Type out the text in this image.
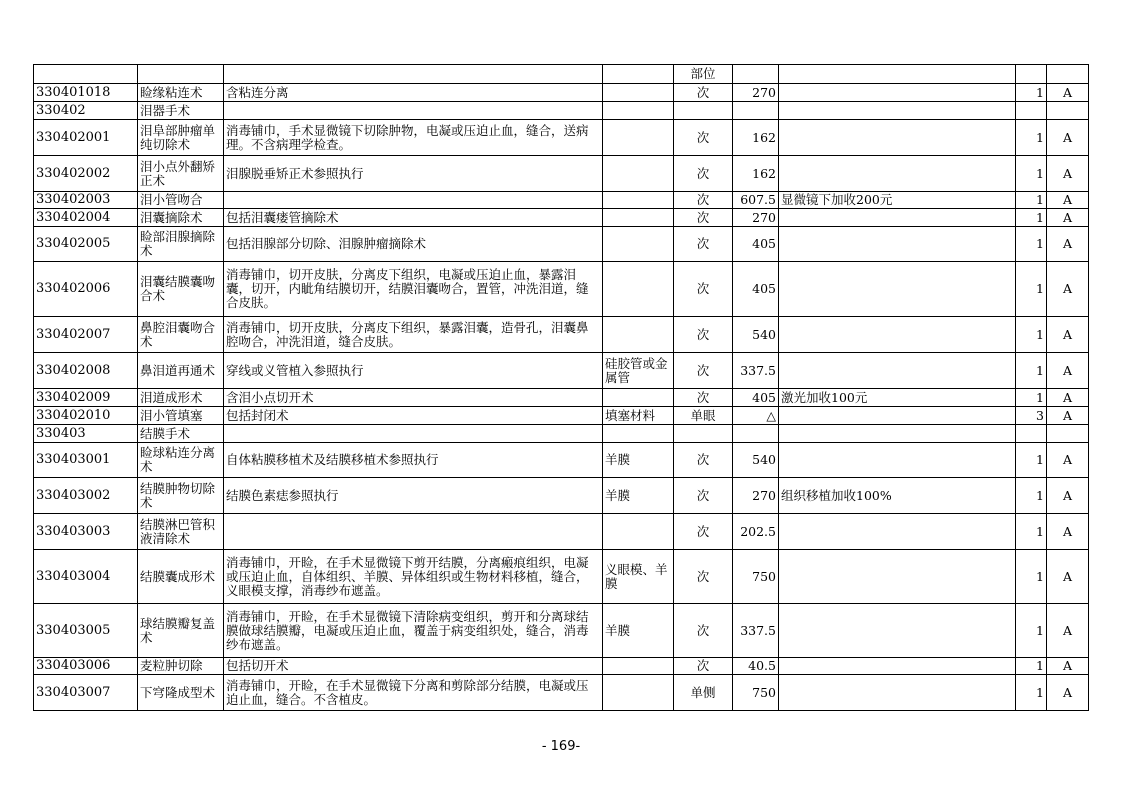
				部位				
330401018	睑缘粘连术	含粘连分离		次	270		1	A
330402	泪器手术							
330402001	泪阜部肿瘤单纯切除术	消毒铺巾，手术显微镜下切除肿物，电凝或压迫止血，缝合，送病理。不含病理学检查。		次	162		1	A
330402002	泪小点外翻矫正术	泪腺脱垂矫正术参照执行		次	162		1	A
330402003	泪小管吻合			次	607.5	显微镜下加收200元	1	A
330402004	泪囊摘除术	包括泪囊瘘管摘除术		次	270		1	A
330402005	睑部泪腺摘除术	包括泪腺部分切除、泪腺肿瘤摘除术		次	405		1	A
330402006	泪囊结膜囊吻合术	消毒铺巾，切开皮肤，分离皮下组织，电凝或压迫止血，暴露泪囊，切开，内眦角结膜切开，结膜泪囊吻合，置管，冲洗泪道，缝合皮肤。		次	405		1	A
330402007	鼻腔泪囊吻合术	消毒铺巾，切开皮肤，分离皮下组织，暴露泪囊，造骨孔，泪囊鼻腔吻合，冲洗泪道，缝合皮肤。		次	540		1	A
330402008	鼻泪道再通术	穿线或义管植入参照执行	硅胶管或金属管	次	337.5		1	A
330402009	泪道成形术	含泪小点切开术		次	405	激光加收100元	1	A
330402010	泪小管填塞	包括封闭术	填塞材料	单眼	△		3	A
330403	结膜手术							
330403001	睑球粘连分离术	自体粘膜移植术及结膜移植术参照执行	羊膜	次	540		1	A
330403002	结膜肿物切除术	结膜色素痣参照执行	羊膜	次	270	组织移植加收100%	1	A
330403003	结膜淋巴管积液清除术			次	202.5		1	A
330403004	结膜囊成形术	消毒铺巾，开睑，在手术显微镜下剪开结膜，分离瘢痕组织，电凝或压迫止血，自体组织、羊膜、异体组织或生物材料移植，缝合，义眼模支撑，消毒纱布遮盖。	义眼模、羊膜	次	750		1	A
330403005	球结膜瓣复盖术	消毒铺巾，开睑，在手术显微镜下清除病变组织，剪开和分离球结膜做球结膜瓣，电凝或压迫止血，覆盖于病变组织处，缝合，消毒纱布遮盖。	羊膜	次	337.5		1	A
330403006	麦粒肿切除	包括切开术		次	40.5		1	A
330403007	下穹隆成型术	消毒铺巾，开睑，在手术显微镜下分离和剪除部分结膜，电凝或压迫止血，缝合。不含植皮。		单侧	750		1	A
- 169-
